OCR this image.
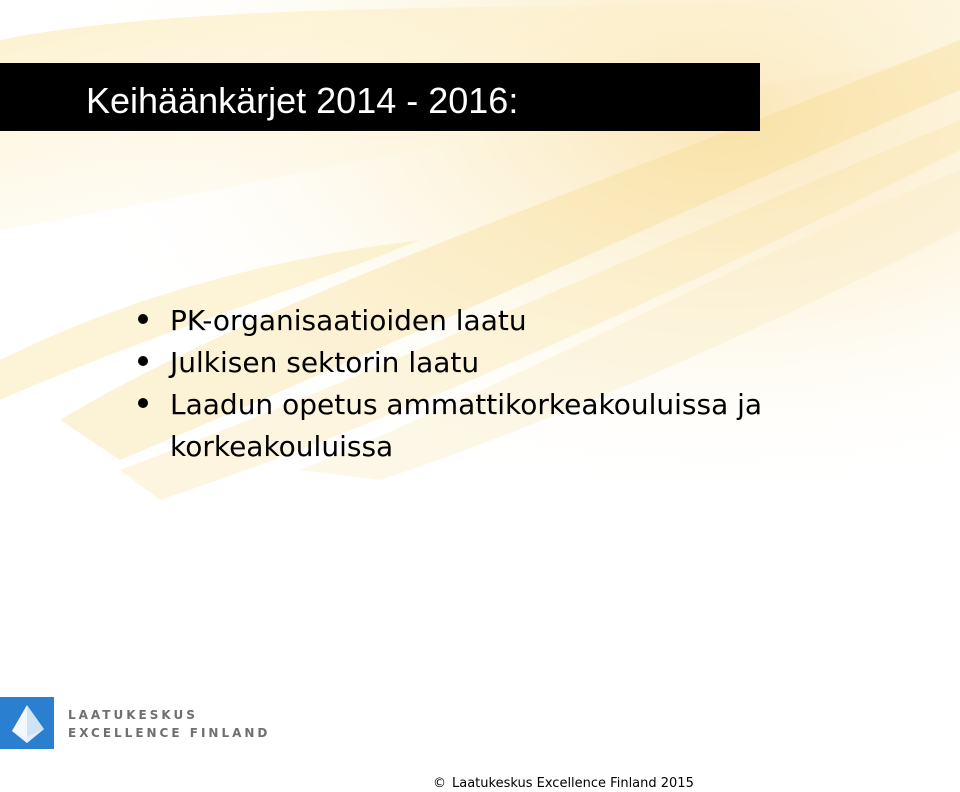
Keihäänkärjet 2014 - 2016:
PK-organisaatioiden laatu
Julkisen sektorin laatu
Laadun opetus ammattikorkeakouluissa ja korkeakouluissa
LAATUKESKUS
EXCELLENCE FINLAND
© Laatukeskus Excellence Finland 2015
